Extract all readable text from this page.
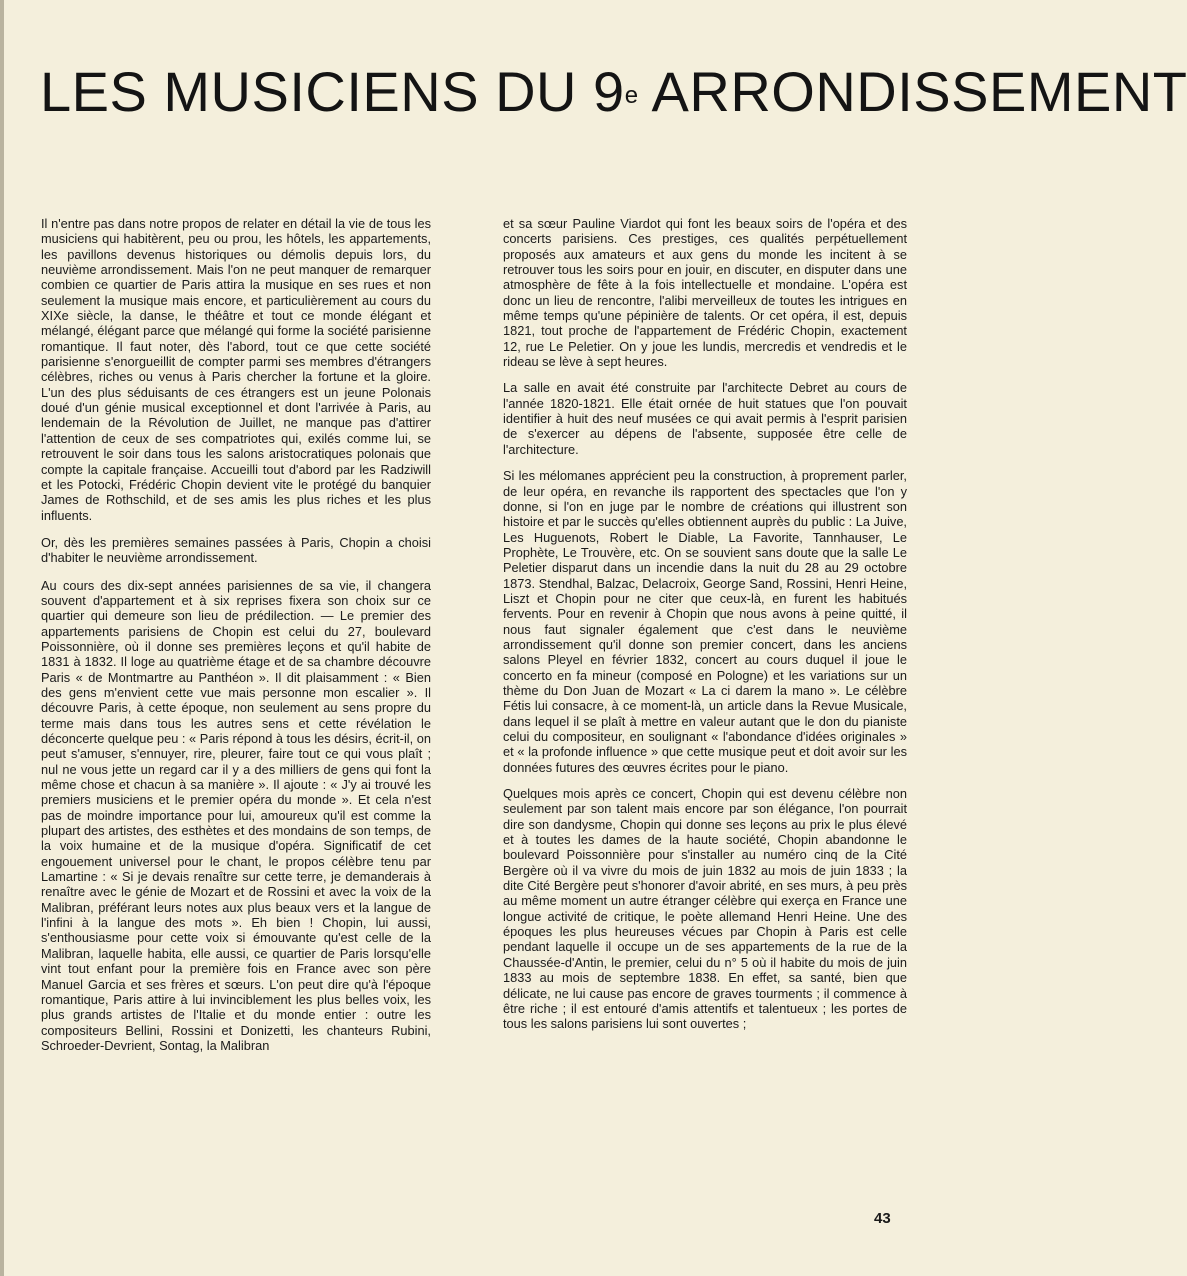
LES MUSICIENS DU 9e ARRONDISSEMENT

Il n'entre pas dans notre propos de relater en détail la vie de tous les musiciens qui habitèrent, peu ou prou, les hôtels, les appartements, les pavillons devenus historiques ou démolis depuis lors, du neuvième arrondissement. Mais l'on ne peut manquer de remarquer combien ce quartier de Paris attira la musique en ses rues et non seulement la musique mais encore, et particulièrement au cours du XIXe siècle, la danse, le théâtre et tout ce monde élégant et mélangé, élégant parce que mélangé qui forme la société parisienne romantique. Il faut noter, dès l'abord, tout ce que cette société parisienne s'enorgueillit de compter parmi ses membres d'étrangers célèbres, riches ou venus à Paris chercher la fortune et la gloire. L'un des plus séduisants de ces étrangers est un jeune Polonais doué d'un génie musical exceptionnel et dont l'arrivée à Paris, au lendemain de la Révolution de Juillet, ne manque pas d'attirer l'attention de ceux de ses compatriotes qui, exilés comme lui, se retrouvent le soir dans tous les salons aristocratiques polonais que compte la capitale française. Accueilli tout d'abord par les Radziwill et les Potocki, Frédéric Chopin devient vite le protégé du banquier James de Rothschild, et de ses amis les plus riches et les plus influents.

Or, dès les premières semaines passées à Paris, Chopin a choisi d'habiter le neuvième arrondissement.

Au cours des dix-sept années parisiennes de sa vie, il changera souvent d'appartement et à six reprises fixera son choix sur ce quartier qui demeure son lieu de prédilection. — Le premier des appartements parisiens de Chopin est celui du 27, boulevard Poissonnière, où il donne ses premières leçons et qu'il habite de 1831 à 1832. Il loge au quatrième étage et de sa chambre découvre Paris « de Montmartre au Panthéon ». Il dit plaisamment : « Bien des gens m'envient cette vue mais personne mon escalier ». Il découvre Paris, à cette époque, non seulement au sens propre du terme mais dans tous les autres sens et cette révélation le déconcerte quelque peu : « Paris répond à tous les désirs, écrit-il, on peut s'amuser, s'ennuyer, rire, pleurer, faire tout ce qui vous plaît ; nul ne vous jette un regard car il y a des milliers de gens qui font la même chose et chacun à sa manière ». Il ajoute : « J'y ai trouvé les premiers musiciens et le premier opéra du monde ». Et cela n'est pas de moindre importance pour lui, amoureux qu'il est comme la plupart des artistes, des esthètes et des mondains de son temps, de la voix humaine et de la musique d'opéra. Significatif de cet engouement universel pour le chant, le propos célèbre tenu par Lamartine : « Si je devais renaître sur cette terre, je demanderais à renaître avec le génie de Mozart et de Rossini et avec la voix de la Malibran, préférant leurs notes aux plus beaux vers et la langue de l'infini à la langue des mots ». Eh bien ! Chopin, lui aussi, s'enthousiasme pour cette voix si émouvante qu'est celle de la Malibran, laquelle habita, elle aussi, ce quartier de Paris lorsqu'elle vint tout enfant pour la première fois en France avec son père Manuel Garcia et ses frères et sœurs. L'on peut dire qu'à l'époque romantique, Paris attire à lui invinciblement les plus belles voix, les plus grands artistes de l'Italie et du monde entier : outre les compositeurs Bellini, Rossini et Donizetti, les chanteurs Rubini, Schroeder-Devrient, Sontag, la Malibran

et sa sœur Pauline Viardot qui font les beaux soirs de l'opéra et des concerts parisiens. Ces prestiges, ces qualités perpétuellement proposés aux amateurs et aux gens du monde les incitent à se retrouver tous les soirs pour en jouir, en discuter, en disputer dans une atmosphère de fête à la fois intellectuelle et mondaine. L'opéra est donc un lieu de rencontre, l'alibi merveilleux de toutes les intrigues en même temps qu'une pépinière de talents. Or cet opéra, il est, depuis 1821, tout proche de l'appartement de Frédéric Chopin, exactement 12, rue Le Peletier. On y joue les lundis, mercredis et vendredis et le rideau se lève à sept heures.

La salle en avait été construite par l'architecte Debret au cours de l'année 1820-1821. Elle était ornée de huit statues que l'on pouvait identifier à huit des neuf musées ce qui avait permis à l'esprit parisien de s'exercer au dépens de l'absente, supposée être celle de l'architecture.

Si les mélomanes apprécient peu la construction, à proprement parler, de leur opéra, en revanche ils rapportent des spectacles que l'on y donne, si l'on en juge par le nombre de créations qui illustrent son histoire et par le succès qu'elles obtiennent auprès du public : La Juive, Les Huguenots, Robert le Diable, La Favorite, Tannhauser, Le Prophète, Le Trouvère, etc. On se souvient sans doute que la salle Le Peletier disparut dans un incendie dans la nuit du 28 au 29 octobre 1873. Stendhal, Balzac, Delacroix, George Sand, Rossini, Henri Heine, Liszt et Chopin pour ne citer que ceux-là, en furent les habitués fervents. Pour en revenir à Chopin que nous avons à peine quitté, il nous faut signaler également que c'est dans le neuvième arrondissement qu'il donne son premier concert, dans les anciens salons Pleyel en février 1832, concert au cours duquel il joue le concerto en fa mineur (composé en Pologne) et les variations sur un thème du Don Juan de Mozart « La ci darem la mano ». Le célèbre Fétis lui consacre, à ce moment-là, un article dans la Revue Musicale, dans lequel il se plaît à mettre en valeur autant que le don du pianiste celui du compositeur, en soulignant « l'abondance d'idées originales » et « la profonde influence » que cette musique peut et doit avoir sur les données futures des œuvres écrites pour le piano.

Quelques mois après ce concert, Chopin qui est devenu célèbre non seulement par son talent mais encore par son élégance, l'on pourrait dire son dandysme, Chopin qui donne ses leçons au prix le plus élevé et à toutes les dames de la haute société, Chopin abandonne le boulevard Poissonnière pour s'installer au numéro cinq de la Cité Bergère où il va vivre du mois de juin 1832 au mois de juin 1833 ; la dite Cité Bergère peut s'honorer d'avoir abrité, en ses murs, à peu près au même moment un autre étranger célèbre qui exerça en France une longue activité de critique, le poète allemand Henri Heine. Une des époques les plus heureuses vécues par Chopin à Paris est celle pendant laquelle il occupe un de ses appartements de la rue de la Chaussée-d'Antin, le premier, celui du n° 5 où il habite du mois de juin 1833 au mois de septembre 1838. En effet, sa santé, bien que délicate, ne lui cause pas encore de graves tourments ; il commence à être riche ; il est entouré d'amis attentifs et talentueux ; les portes de tous les salons parisiens lui sont ouvertes ;

43
